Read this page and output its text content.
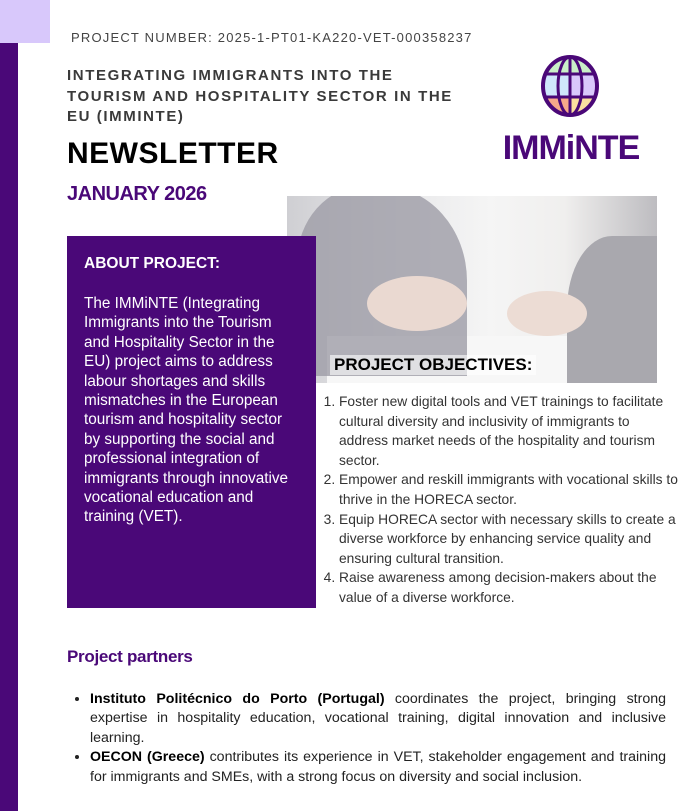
PROJECT NUMBER: 2025-1-PT01-KA220-VET-000358237
INTEGRATING IMMIGRANTS INTO THE TOURISM AND HOSPITALITY SECTOR IN THE EU (IMMINTE)
NEWSLETTER
JANUARY 2026
IMMiNTE
PROJECT OBJECTIVES:
ABOUT PROJECT:

The IMMiNTE (Integrating Immigrants into the Tourism and Hospitality Sector in the EU) project aims to address labour shortages and skills mismatches in the European tourism and hospitality sector by supporting the social and professional integration of immigrants through innovative vocational education and training (VET).

1. Foster new digital tools and VET trainings to facilitate cultural diversity and inclusivity of immigrants to address market needs of the hospitality and tourism sector.
2. Empower and reskill immigrants with vocational skills to thrive in the HORECA sector.
3. Equip HORECA sector with necessary skills to create a diverse workforce by enhancing service quality and ensuring cultural transition.
4. Raise awareness among decision-makers about the value of a diverse workforce.
Project partners
• Instituto Politécnico do Porto (Portugal) coordinates the project, bringing strong expertise in hospitality education, vocational training, digital innovation and inclusive learning.
• OECON (Greece) contributes its experience in VET, stakeholder engagement and training for immigrants and SMEs, with a strong focus on diversity and social inclusion.
